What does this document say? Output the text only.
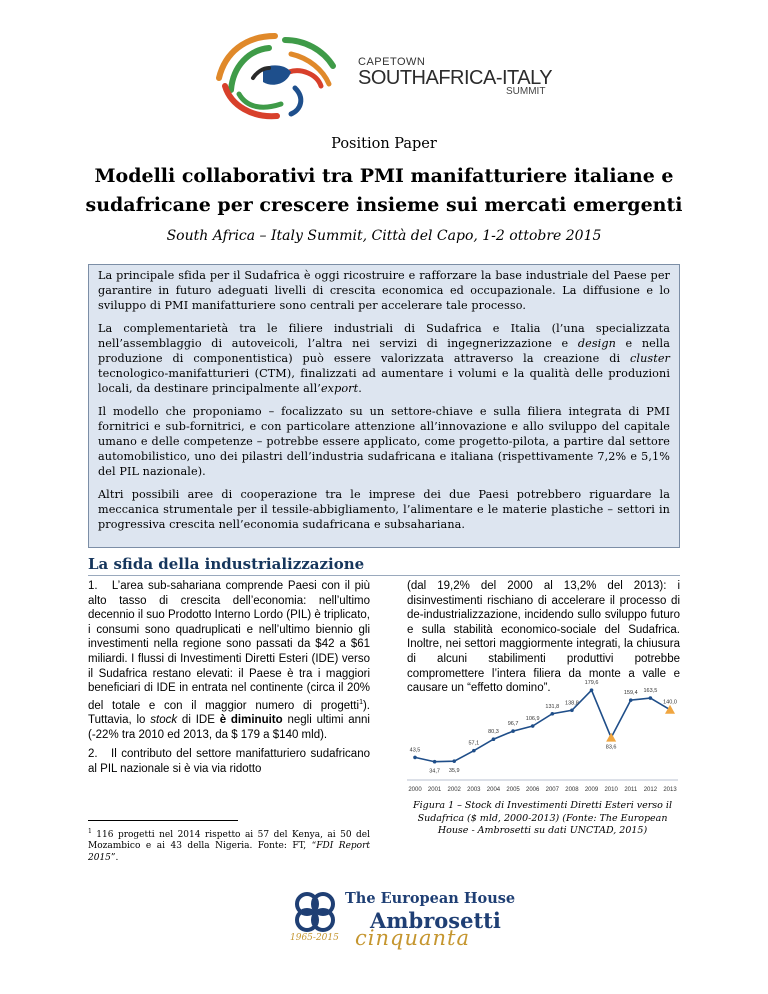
CAPETOWN
SOUTHAFRICA-ITALY
SUMMIT
Position Paper
Modelli collaborativi tra PMI manifatturiere italiane e sudafricane per crescere insieme sui mercati emergenti
South Africa – Italy Summit, Città del Capo, 1-2 ottobre 2015

La principale sfida per il Sudafrica è oggi ricostruire e rafforzare la base industriale del Paese per garantire in futuro adeguati livelli di crescita economica ed occupazionale. La diffusione e lo sviluppo di PMI manifatturiere sono centrali per accelerare tale processo.

La complementarietà tra le filiere industriali di Sudafrica e Italia (l’una specializzata nell’assemblaggio di autoveicoli, l’altra nei servizi di ingegnerizzazione e design e nella produzione di componentistica) può essere valorizzata attraverso la creazione di cluster tecnologico-manifatturieri (CTM), finalizzati ad aumentare i volumi e la qualità delle produzioni locali, da destinare principalmente all’export.

Il modello che proponiamo – focalizzato su un settore-chiave e sulla filiera integrata di PMI fornitrici e sub-fornitrici, e con particolare attenzione all’innovazione e allo sviluppo del capitale umano e delle competenze – potrebbe essere applicato, come progetto-pilota, a partire dal settore automobilistico, uno dei pilastri dell’industria sudafricana e italiana (rispettivamente 7,2% e 5,1% del PIL nazionale).

Altri possibili aree di cooperazione tra le imprese dei due Paesi potrebbero riguardare la meccanica strumentale per il tessile-abbigliamento, l’alimentare e le materie plastiche – settori in progressiva crescita nell’economia sudafricana e subsahariana.

La sfida della industrializzazione

1.   L’area sub-sahariana comprende Paesi con il più alto tasso di crescita dell’economia: nell’ultimo decennio il suo Prodotto Interno Lordo (PIL) è triplicato, i consumi sono quadruplicati e nell’ultimo biennio gli investimenti nella regione sono passati da $42 a $61 miliardi. I flussi di Investimenti Diretti Esteri (IDE) verso il Sudafrica restano elevati: il Paese è tra i maggiori beneficiari di IDE in entrata nel continente (circa il 20% del totale e con il maggior numero di progetti$^1$). Tuttavia, lo stock di IDE è diminuito negli ultimi anni (-22% tra 2010 ed 2013, da $ 179 a $140 mld).

2.   Il contributo del settore manifatturiero sudafricano al PIL nazionale si è via via ridotto

(dal 19,2% del 2000 al 13,2% del 2013): i disinvestimenti rischiano di accelerare il processo di de-industrializzazione, incidendo sullo sviluppo futuro e sulla stabilità economico-sociale del Sudafrica. Inoltre, nei settori maggiormente integrati, la chiusura di alcuni stabilimenti produttivi potrebbe compromettere l’intera filiera da monte a valle e causare un “effetto domino”.

43,5
2000
34,7
2001
35,9
2002
57,1
2003
80,3
2004
96,7
2005
106,9
2006
131,8
2007
138,8
2008
179,6
2009
83,6
2010
159,4
2011
163,5
2012
140,0
2013
Figura 1 – Stock di Investimenti Diretti Esteri verso il Sudafrica ($ mld, 2000-2013) (Fonte: The European House - Ambrosetti su dati UNCTAD, 2015)
$^1$ 116 progetti nel 2014 rispetto ai 57 del Kenya, ai 50 del Mozambico e ai 43 della Nigeria. Fonte: FT, “FDI Report 2015”.
The European House
Ambrosetti
1965-2015 cinquanta
